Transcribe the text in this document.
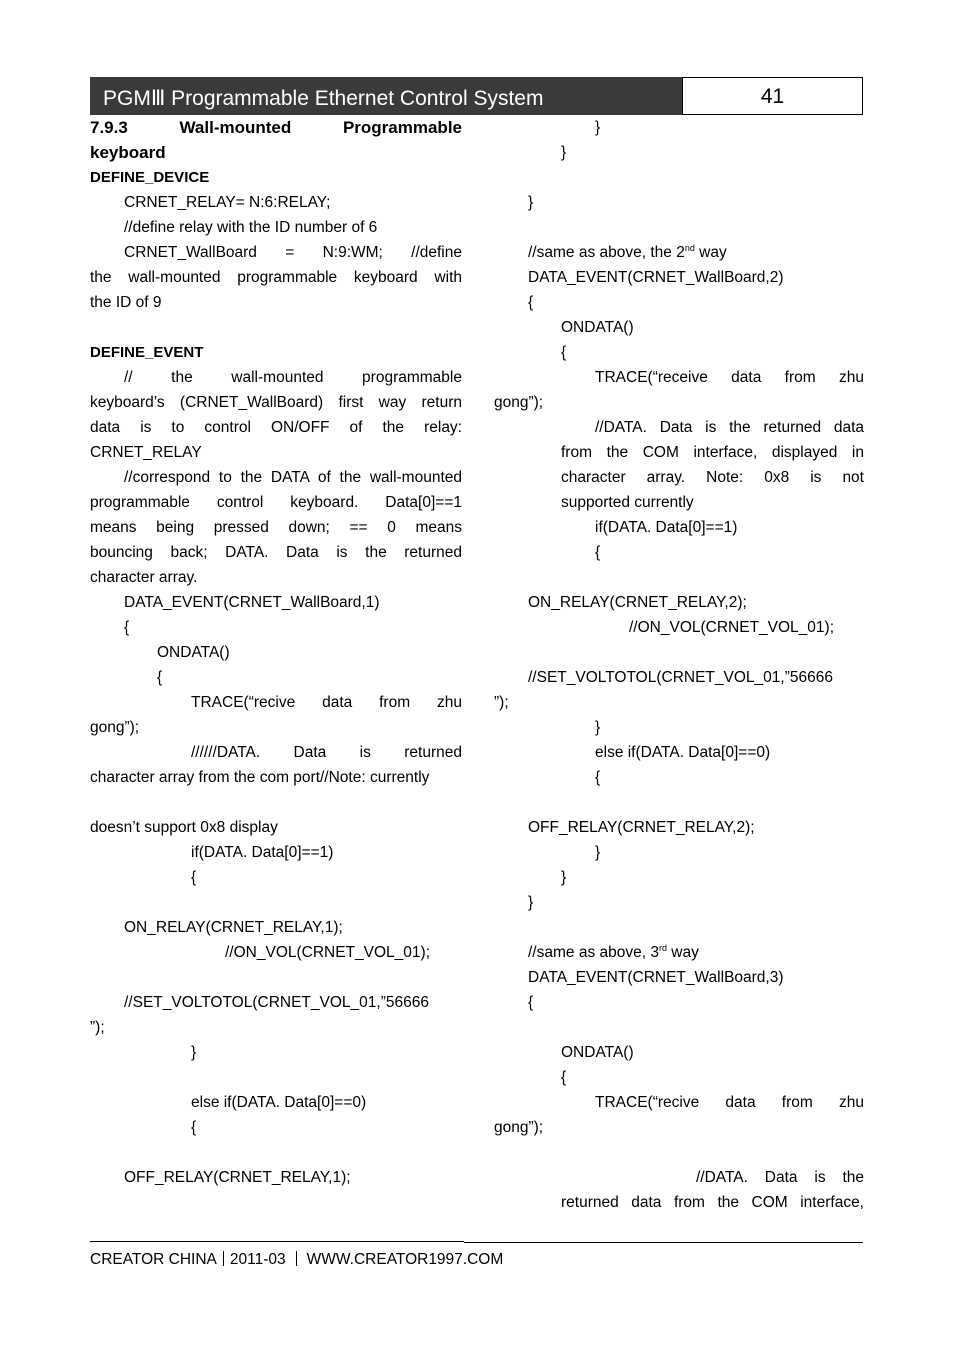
PGMⅢ Programmable Ethernet Control System	41
7.9.3 Wall-mounted Programmable
keyboard
DEFINE_DEVICE
CRNET_RELAY= N:6:RELAY;
//define relay with the ID number of 6
CRNET_WallBoard = N:9:WM; //define
the wall-mounted programmable keyboard with
the ID of 9
DEFINE_EVENT
// the wall-mounted programmable
keyboard’s (CRNET_WallBoard) first way return
data is to control ON/OFF of the relay:
CRNET_RELAY
//correspond to the DATA of the wall-mounted
programmable control keyboard. Data[0]==1
means being pressed down; == 0 means
bouncing back; DATA. Data is the returned
character array.
DATA_EVENT(CRNET_WallBoard,1)
{
ONDATA()
{
TRACE(“recive data from zhu
gong”);
//////DATA. Data is returned
character array from the com port//Note: currently
doesn’t support 0x8 display
if(DATA. Data[0]==1)
{
ON_RELAY(CRNET_RELAY,1);
//ON_VOL(CRNET_VOL_01);
//SET_VOLTOTOL(CRNET_VOL_01,”56666
”);
}
else if(DATA. Data[0]==0)
{
OFF_RELAY(CRNET_RELAY,1);
}
}
}
//same as above, the 2nd way
DATA_EVENT(CRNET_WallBoard,2)
{
ONDATA()
{
TRACE(“receive data from zhu
gong”);
//DATA. Data is the returned data
from the COM interface, displayed in
character array. Note: 0x8 is not
supported currently
if(DATA. Data[0]==1)
{
ON_RELAY(CRNET_RELAY,2);
//ON_VOL(CRNET_VOL_01);
//SET_VOLTOTOL(CRNET_VOL_01,”56666
”);
}
else if(DATA. Data[0]==0)
{
OFF_RELAY(CRNET_RELAY,2);
}
}
}
//same as above, 3rd way
DATA_EVENT(CRNET_WallBoard,3)
{
ONDATA()
{
TRACE(“recive data from zhu
gong”);
//DATA. Data is the
returned data from the COM interface,
CREATOR CHINA 2011-03 WWW.CREATOR1997.COM
